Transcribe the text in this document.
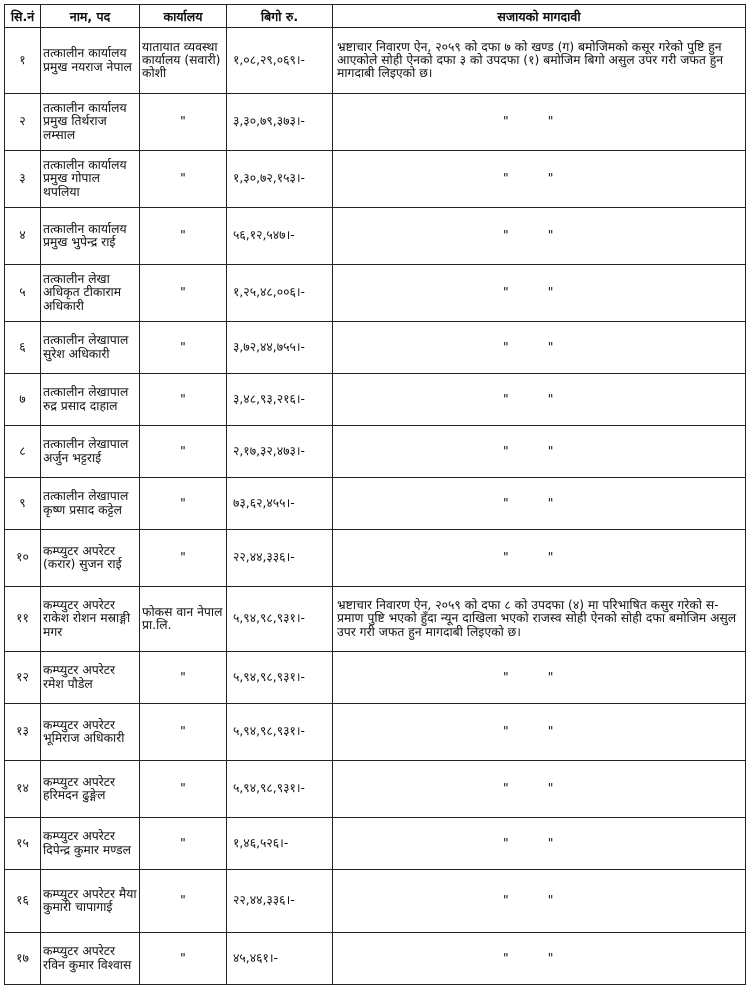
सि.नं	नाम, पद	कार्यालय	बिगो रु.	सजायको मागदावी
१	तत्कालीन कार्यालय प्रमुख नयराज नेपाल	यातायात व्यवस्था कार्यालय (सवारी) कोशी	१,०८,२९,०६९।-	भ्रष्टाचार निवारण ऐन, २०५९ को दफा ७ को खण्ड (ग) बमोजिमको कसूर गरेको पुष्टि हुन आएकोले सोही ऐनको दफा ३ को उपदफा (१) बमोजिम बिगो असुल उपर गरी जफत हुन मागदाबी लिइएको छ।
२	तत्कालीन कार्यालय प्रमुख तिर्थराज लम्साल	"	३,३०,७९,३७३।-	"          "
३	तत्कालीन कार्यालय प्रमुख गोपाल थपलिया	"	१,३०,७२,१५३।-	"          "
४	तत्कालीन कार्यालय प्रमुख भुपेन्द्र राई	"	५६,१२,५४७।-	"          "
५	तत्कालीन लेखा अधिकृत टीकाराम अधिकारी	"	१,२५,४८,००६।-	"          "
६	तत्कालीन लेखापाल सुरेश अधिकारी	"	३,७२,४४,७५५।-	"          "
७	तत्कालीन लेखापाल रुद्र प्रसाद दाहाल	"	३,४८,९३,२१६।-	"          "
८	तत्कालीन लेखापाल अर्जुन भट्टराई	"	२,१७,३२,४७३।-	"          "
९	तत्कालीन लेखापाल कृष्ण प्रसाद कट्टेल	"	७३,६२,४५५।-	"          "
१०	कम्प्युटर अपरेटर (करार) सुजन राई	"	२२,४४,३३६।-	"          "
११	कम्प्युटर अपरेटर राकेश रोशन मस्राङ्गी मगर	फोकस वान नेपाल प्रा.लि.	५,९४,९८,९३१।-	भ्रष्टाचार निवारण ऐन, २०५९ को दफा ८ को उपदफा (४) मा परिभाषित कसुर गरेको स-प्रमाण पुष्टि भएको हुँदा न्यून दाखिला भएको राजस्व सोही ऐनको सोही दफा बमोजिम असुल उपर गरी जफत हुन मागदाबी लिइएको छ।
१२	कम्प्युटर अपरेटर रमेश पौडेल	"	५,९४,९८,९३१।-	"          "
१३	कम्प्युटर अपरेटर भूमिराज अधिकारी	"	५,९४,९८,९३१।-	"          "
१४	कम्प्युटर अपरेटर हरिमदन ढुङ्गेल	"	५,९४,९८,९३१।-	"          "
१५	कम्प्युटर अपरेटर दिपेन्द्र कुमार मण्डल	"	१,४६,५२६।-	"          "
१६	कम्प्युटर अपरेटर मैया कुमारी चापागाई	"	२२,४४,३३६।-	"          "
१७	कम्प्युटर अपरेटर रविन कुमार विश्वास	"	४५,४६१।-	"          "
